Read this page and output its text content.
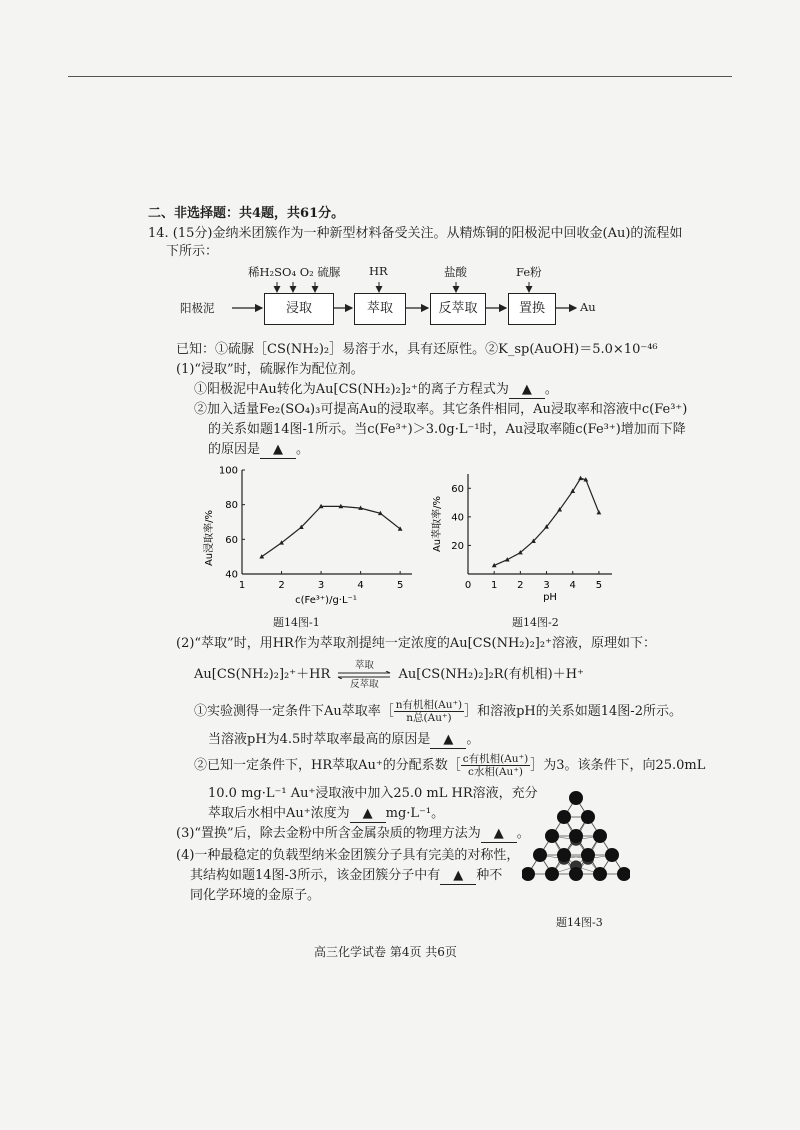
二、非选择题：共4题，共61分。
14. (15分)金纳米团簇作为一种新型材料备受关注。从精炼铜的阳极泥中回收金(Au)的流程如
下所示：
阳极泥
稀H₂SO₄ O₂ 硫脲
浸取
HR
萃取
盐酸
反萃取
Fe粉
置换	Au
已知：①硫脲［CS(NH₂)₂］易溶于水，具有还原性。②K_sp(AuOH)＝5.0×10⁻⁴⁶
(1)“浸取”时，硫脲作为配位剂。
①阳极泥中Au转化为Au[CS(NH₂)₂]₂⁺的离子方程式为 ▲ 。
②加入适量Fe₂(SO₄)₃可提高Au的浸取率。其它条件相同，Au浸取率和溶液中c(Fe³⁺)
的关系如题14图-1所示。当c(Fe³⁺)＞3.0g·L⁻¹时，Au浸取率随c(Fe³⁺)增加而下降
的原因是 ▲ 。
Au浸取率/%
c(Fe³⁺)/g·L⁻¹
1	2	3	4	5
40
60
80
100
题14图-1
Au萃取率/%
pH
0 1 2 3 4 5
20
40
60
题14图-2
(2)“萃取”时，用HR作为萃取剂提纯一定浓度的Au[CS(NH₂)₂]₂⁺溶液，原理如下：
Au[CS(NH₂)₂]₂⁺＋HR
萃取
反萃取
Au[CS(NH₂)₂]₂R(有机相)＋H⁺
①实验测得一定条件下Au萃取率［ $\frac{\text{n有机相(Au⁺)}}{\text{n总(Au⁺)}}$ ］和溶液pH的关系如题14图-2所示。
当溶液pH为4.5时萃取率最高的原因是 ▲ 。
②已知一定条件下，HR萃取Au⁺的分配系数［ $\frac{\text{c有机相(Au⁺)}}{\text{c水相(Au⁺)}}$ ］为3。该条件下，向25.0mL
10.0 mg·L⁻¹ Au⁺浸取液中加入25.0 mL HR溶液，充分
萃取后水相中Au⁺浓度为 ▲ mg·L⁻¹。
(3)“置换”后，除去金粉中所含金属杂质的物理方法为 ▲ 。
(4)一种最稳定的负载型纳米金团簇分子具有完美的对称性，
其结构如题14图-3所示，该金团簇分子中有 ▲ 种不
同化学环境的金原子。
题14图-3
高三化学试卷 第4页 共6页
